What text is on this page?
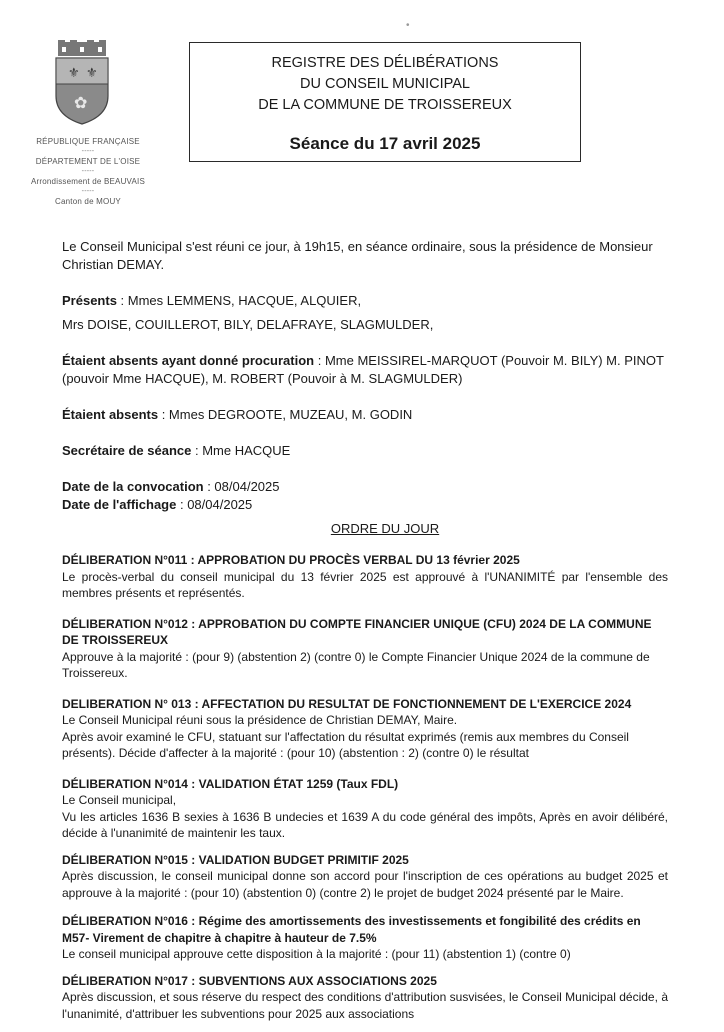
⚜ ⚜
✿
RÉPUBLIQUE FRANÇAISE
-----
DÉPARTEMENT DE L'OISE
-----
Arrondissement de BEAUVAIS
-----
Canton de MOUY
REGISTRE DES DÉLIBÉRATIONS
DU CONSEIL MUNICIPAL
DE LA COMMUNE DE TROISSEREUX
Séance du 17 avril 2025
•

Le Conseil Municipal s'est réuni ce jour, à 19h15, en séance ordinaire, sous la présidence de Monsieur Christian DEMAY.

Présents : Mmes LEMMENS, HACQUE, ALQUIER,
Mrs DOISE, COUILLEROT, BILY, DELAFRAYE, SLAGMULDER,
Étaient absents ayant donné procuration : Mme MEISSIREL-MARQUOT (Pouvoir M. BILY) M. PINOT (pouvoir Mme HACQUE), M. ROBERT (Pouvoir à M. SLAGMULDER)
Étaient absents : Mmes DEGROOTE, MUZEAU, M. GODIN
Secrétaire de séance : Mme HACQUE
Date de la convocation : 08/04/2025
Date de l'affichage : 08/04/2025
ORDRE DU JOUR
DÉLIBERATION N°011 : APPROBATION DU PROCÈS VERBAL DU 13 février 2025
Le procès-verbal du conseil municipal du 13 février 2025 est approuvé à l'UNANIMITÉ par l'ensemble des membres présents et représentés.
DÉLIBERATION N°012 : APPROBATION DU COMPTE FINANCIER UNIQUE (CFU) 2024 DE LA COMMUNE DE TROISSEREUX
Approuve à la majorité : (pour 9) (abstention 2) (contre 0) le Compte Financier Unique 2024 de la commune de Troissereux.
DELIBERATION N° 013 : AFFECTATION DU RESULTAT DE FONCTIONNEMENT DE L'EXERCICE 2024
Le Conseil Municipal réuni sous la présidence de Christian DEMAY, Maire.
Après avoir examiné le CFU, statuant sur l'affectation du résultat exprimés (remis aux membres du Conseil présents). Décide d'affecter à la majorité : (pour 10) (abstention : 2) (contre 0) le résultat
DÉLIBERATION N°014 : VALIDATION ÉTAT 1259 (Taux FDL)
Le Conseil municipal,
Vu les articles 1636 B sexies à 1636 B undecies et 1639 A du code général des impôts, Après en avoir délibéré, décide à l'unanimité de maintenir les taux.
DÉLIBERATION N°015 : VALIDATION BUDGET PRIMITIF 2025
Après discussion, le conseil municipal donne son accord pour l'inscription de ces opérations au budget 2025 et approuve à la majorité : (pour 10) (abstention 0) (contre 2) le projet de budget 2024 présenté par le Maire.
DÉLIBERATION N°016 : Régime des amortissements des investissements et fongibilité des crédits en M57- Virement de chapitre à chapitre à hauteur de 7.5%
Le conseil municipal approuve cette disposition à la majorité : (pour 11) (abstention 1) (contre 0)
DÉLIBERATION N°017 : SUBVENTIONS AUX ASSOCIATIONS 2025
Après discussion, et sous réserve du respect des conditions d'attribution susvisées, le Conseil Municipal décide, à l'unanimité, d'attribuer les subventions pour 2025 aux associations
